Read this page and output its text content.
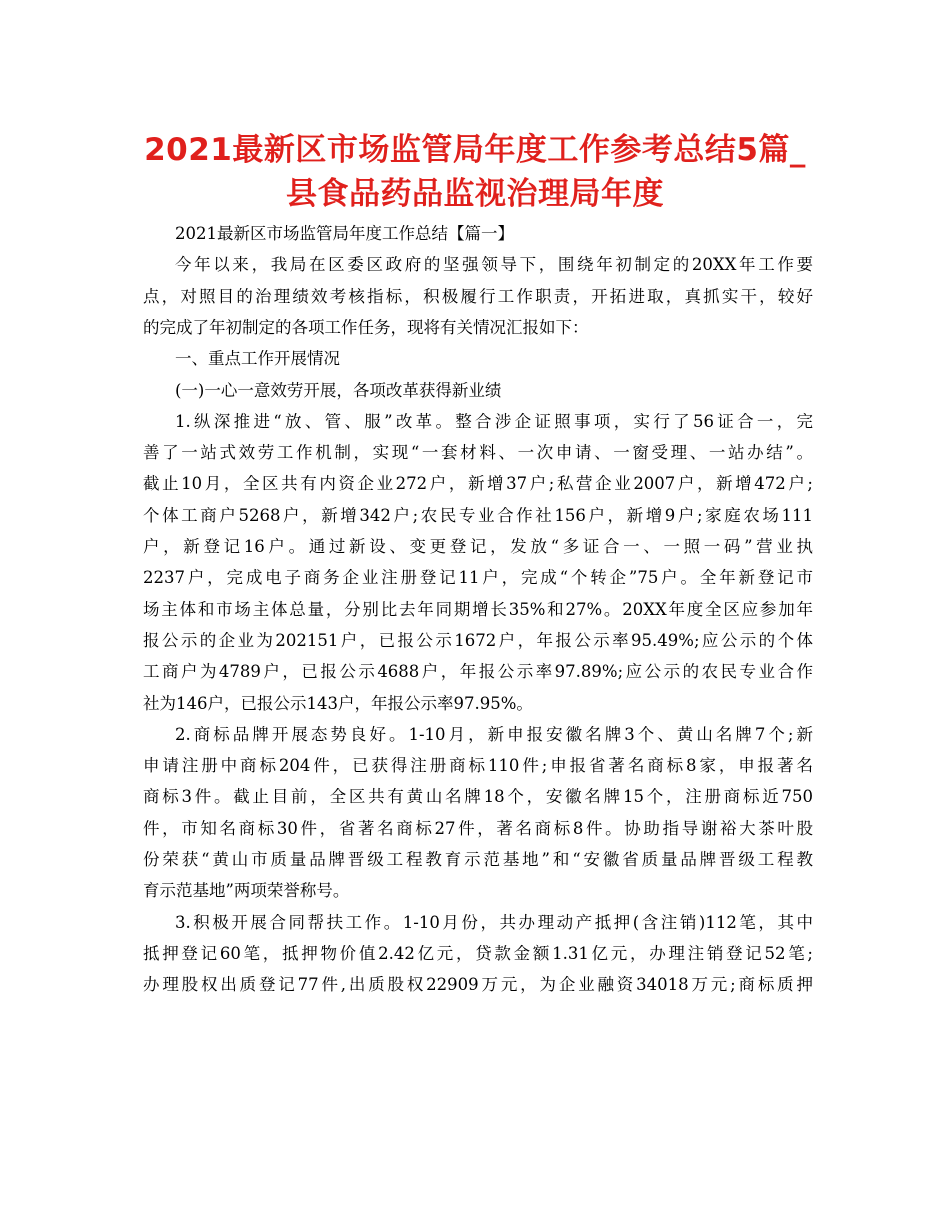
2021最新区市场监管局年度工作参考总结5篇_
县食品药品监视治理局年度
2021最新区市场监管局年度工作总结【篇一】
今年以来，我局在区委区政府的坚强领导下，围绕年初制定的20XX年工作要
点，对照目的治理绩效考核指标，积极履行工作职责，开拓进取，真抓实干，较好
的完成了年初制定的各项工作任务，现将有关情况汇报如下：
一、重点工作开展情况
(一)一心一意效劳开展，各项改革获得新业绩
1.纵深推进“放、管、服”改革。整合涉企证照事项，实行了56证合一，完
善了一站式效劳工作机制，实现“一套材料、一次申请、一窗受理、一站办结”。
截止10月，全区共有内资企业272户，新增37户;私营企业2007户，新增472户;
个体工商户5268户，新增342户;农民专业合作社156户，新增9户;家庭农场111
户，新登记16户。通过新设、变更登记，发放“多证合一、一照一码”营业执
2237户，完成电子商务企业注册登记11户，完成“个转企”75户。全年新登记市
场主体和市场主体总量，分别比去年同期增长35%和27%。20XX年度全区应参加年
报公示的企业为202151户，已报公示1672户，年报公示率95.49%;应公示的个体
工商户为4789户，已报公示4688户，年报公示率97.89%;应公示的农民专业合作
社为146户，已报公示143户，年报公示率97.95%。
2.商标品牌开展态势良好。1-10月，新申报安徽名牌3个、黄山名牌7个;新
申请注册中商标204件，已获得注册商标110件;申报省著名商标8家，申报著名
商标3件。截止目前，全区共有黄山名牌18个，安徽名牌15个，注册商标近750
件，市知名商标30件，省著名商标27件，著名商标8件。协助指导谢裕大茶叶股
份荣获“黄山市质量品牌晋级工程教育示范基地”和“安徽省质量品牌晋级工程教
育示范基地”两项荣誉称号。
3.积极开展合同帮扶工作。1-10月份，共办理动产抵押(含注销)112笔，其中
抵押登记60笔，抵押物价值2.42亿元，贷款金额1.31亿元，办理注销登记52笔;
办理股权出质登记77件,出质股权22909万元，为企业融资34018万元;商标质押
